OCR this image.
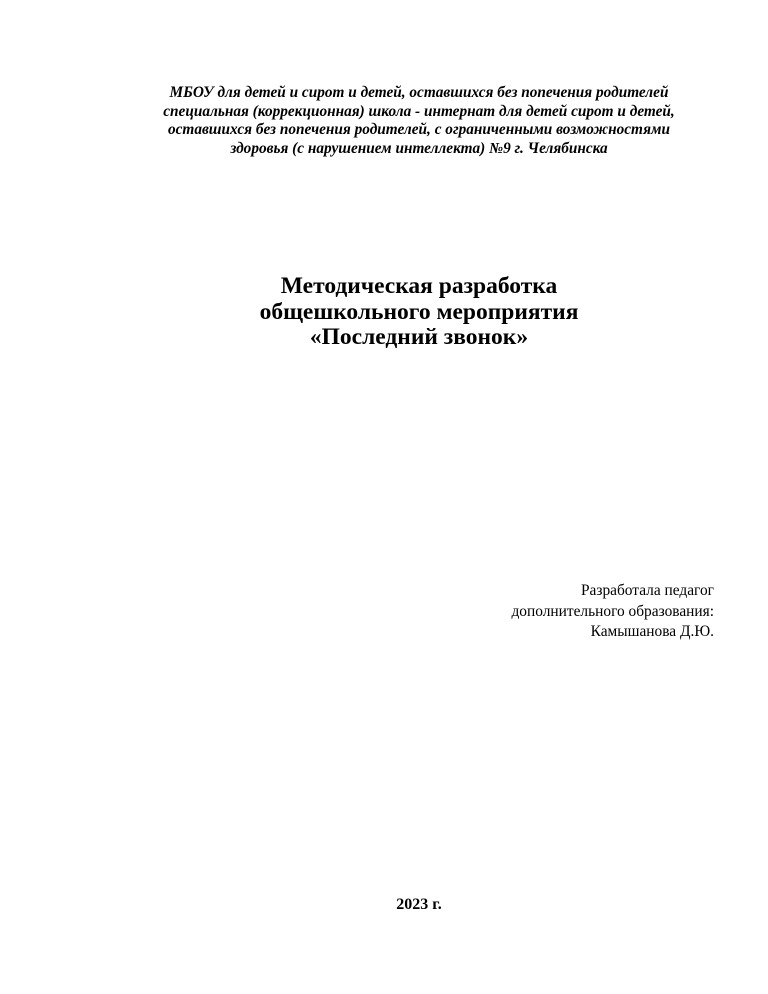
МБОУ для детей и сирот и детей, оставшихся без попечения родителей
специальная (коррекционная) школа - интернат для детей сирот и детей,
оставшихся без попечения родителей, с ограниченными возможностями
здоровья (с нарушением интеллекта) №9 г. Челябинска
Методическая разработка
общешкольного мероприятия
«Последний звонок»
Разработала педагог
дополнительного образования:
Камышанова Д.Ю.
2023 г.
